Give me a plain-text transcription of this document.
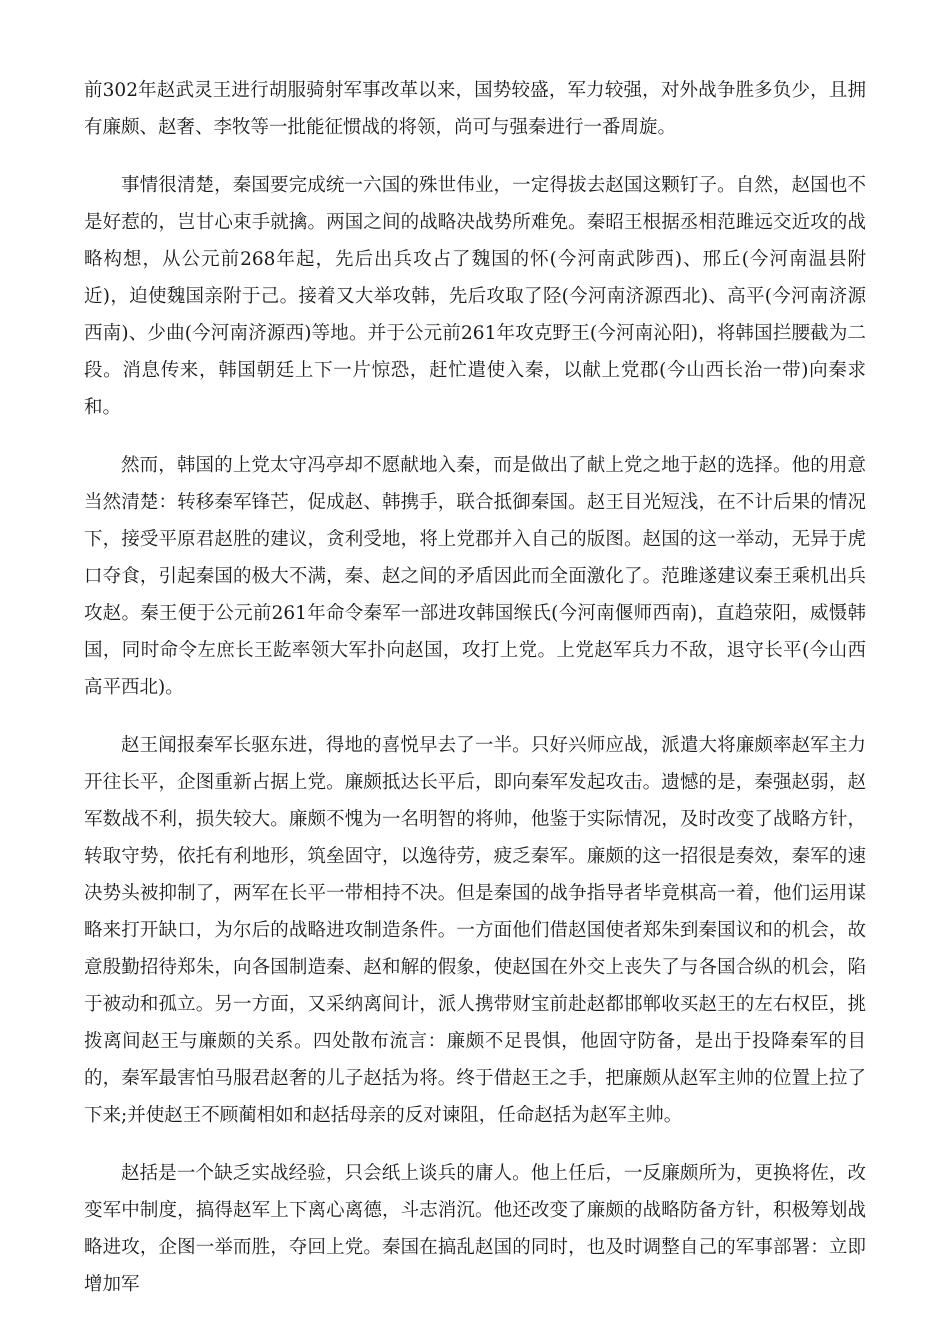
前302年赵武灵王进行胡服骑射军事改革以来，国势较盛，军力较强，对外战争胜多负少，且拥有廉颇、赵奢、李牧等一批能征惯战的将领，尚可与强秦进行一番周旋。

事情很清楚，秦国要完成统一六国的殊世伟业，一定得拔去赵国这颗钉子。自然，赵国也不是好惹的，岂甘心束手就擒。两国之间的战略决战势所难免。秦昭王根据丞相范雎远交近攻的战略构想，从公元前268年起，先后出兵攻占了魏国的怀(今河南武陟西)、邢丘(今河南温县附近)，迫使魏国亲附于己。接着又大举攻韩，先后攻取了陉(今河南济源西北)、高平(今河南济源西南)、少曲(今河南济源西)等地。并于公元前261年攻克野王(今河南沁阳)，将韩国拦腰截为二段。消息传来，韩国朝廷上下一片惊恐，赶忙遣使入秦，以献上党郡(今山西长治一带)向秦求和。

然而，韩国的上党太守冯亭却不愿献地入秦，而是做出了献上党之地于赵的选择。他的用意当然清楚：转移秦军锋芒，促成赵、韩携手，联合抵御秦国。赵王目光短浅，在不计后果的情况下，接受平原君赵胜的建议，贪利受地，将上党郡并入自己的版图。赵国的这一举动，无异于虎口夺食，引起秦国的极大不满，秦、赵之间的矛盾因此而全面激化了。范雎遂建议秦王乘机出兵攻赵。秦王便于公元前261年命令秦军一部进攻韩国缑氏(今河南偃师西南)，直趋荥阳，威慑韩国，同时命令左庶长王龁率领大军扑向赵国，攻打上党。上党赵军兵力不敌，退守长平(今山西高平西北)。

赵王闻报秦军长驱东进，得地的喜悦早去了一半。只好兴师应战，派遣大将廉颇率赵军主力开往长平，企图重新占据上党。廉颇抵达长平后，即向秦军发起攻击。遗憾的是，秦强赵弱，赵军数战不利，损失较大。廉颇不愧为一名明智的将帅，他鉴于实际情况，及时改变了战略方针，转取守势，依托有利地形，筑垒固守，以逸待劳，疲乏秦军。廉颇的这一招很是奏效，秦军的速决势头被抑制了，两军在长平一带相持不决。但是秦国的战争指导者毕竟棋高一着，他们运用谋略来打开缺口，为尔后的战略进攻制造条件。一方面他们借赵国使者郑朱到秦国议和的机会，故意殷勤招待郑朱，向各国制造秦、赵和解的假象，使赵国在外交上丧失了与各国合纵的机会，陷于被动和孤立。另一方面，又采纳离间计，派人携带财宝前赴赵都邯郸收买赵王的左右权臣，挑拨离间赵王与廉颇的关系。四处散布流言：廉颇不足畏惧，他固守防备，是出于投降秦军的目的，秦军最害怕马服君赵奢的儿子赵括为将。终于借赵王之手，把廉颇从赵军主帅的位置上拉了下来;并使赵王不顾蔺相如和赵括母亲的反对谏阻，任命赵括为赵军主帅。

赵括是一个缺乏实战经验，只会纸上谈兵的庸人。他上任后，一反廉颇所为，更换将佐，改变军中制度，搞得赵军上下离心离德，斗志消沉。他还改变了廉颇的战略防备方针，积极筹划战略进攻，企图一举而胜，夺回上党。秦国在搞乱赵国的同时，也及时调整自己的军事部署：立即增加军
